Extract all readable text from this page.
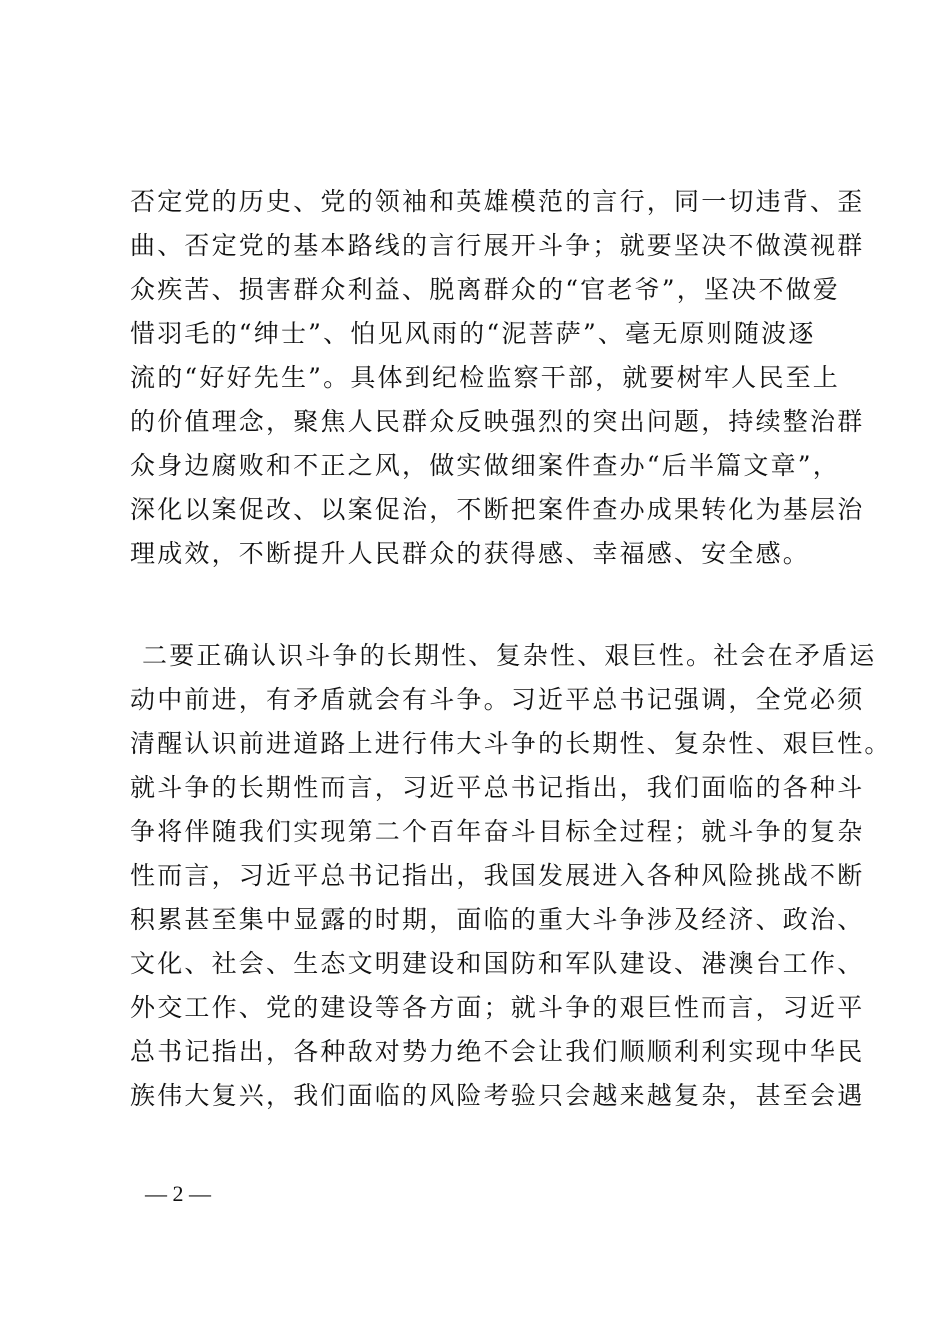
否定党的历史、党的领袖和英雄模范的言行，同一切违背、歪
曲、否定党的基本路线的言行展开斗争；就要坚决不做漠视群
众疾苦、损害群众利益、脱离群众的“官老爷”，坚决不做爱
惜羽毛的“绅士”、怕见风雨的“泥菩萨”、毫无原则随波逐
流的“好好先生”。具体到纪检监察干部，就要树牢人民至上
的价值理念，聚焦人民群众反映强烈的突出问题，持续整治群
众身边腐败和不正之风，做实做细案件查办“后半篇文章”，
深化以案促改、以案促治，不断把案件查办成果转化为基层治
理成效，不断提升人民群众的获得感、幸福感、安全感。
二要正确认识斗争的长期性、复杂性、艰巨性。社会在矛盾运
动中前进，有矛盾就会有斗争。习近平总书记强调，全党必须
清醒认识前进道路上进行伟大斗争的长期性、复杂性、艰巨性。
就斗争的长期性而言，习近平总书记指出，我们面临的各种斗
争将伴随我们实现第二个百年奋斗目标全过程；就斗争的复杂
性而言，习近平总书记指出，我国发展进入各种风险挑战不断
积累甚至集中显露的时期，面临的重大斗争涉及经济、政治、
文化、社会、生态文明建设和国防和军队建设、港澳台工作、
外交工作、党的建设等各方面；就斗争的艰巨性而言，习近平
总书记指出，各种敌对势力绝不会让我们顺顺利利实现中华民
族伟大复兴，我们面临的风险考验只会越来越复杂，甚至会遇
— 2 —
